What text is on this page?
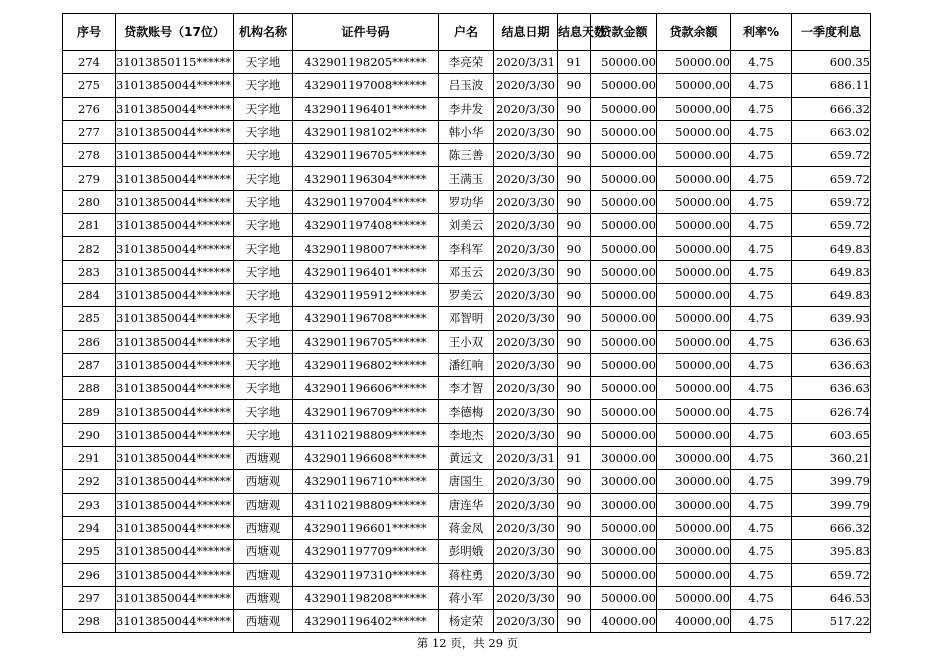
序号	贷款账号（17位）	机构名称	证件号码	户名	结息日期	结息天数	贷款金额	贷款余额	利率%	一季度利息
274	31013850115******	天字地	432901198205******	李亮荣	2020/3/31	91	50000.00	50000.00	4.75	600.35
275	31013850044******	天字地	432901197008******	吕玉波	2020/3/30	90	50000.00	50000.00	4.75	686.11
276	31013850044******	天字地	432901196401******	李井发	2020/3/30	90	50000.00	50000.00	4.75	666.32
277	31013850044******	天字地	432901198102******	韩小华	2020/3/30	90	50000.00	50000.00	4.75	663.02
278	31013850044******	天字地	432901196705******	陈三善	2020/3/30	90	50000.00	50000.00	4.75	659.72
279	31013850044******	天字地	432901196304******	王满玉	2020/3/30	90	50000.00	50000.00	4.75	659.72
280	31013850044******	天字地	432901197004******	罗功华	2020/3/30	90	50000.00	50000.00	4.75	659.72
281	31013850044******	天字地	432901197408******	刘美云	2020/3/30	90	50000.00	50000.00	4.75	659.72
282	31013850044******	天字地	432901198007******	李科军	2020/3/30	90	50000.00	50000.00	4.75	649.83
283	31013850044******	天字地	432901196401******	邓玉云	2020/3/30	90	50000.00	50000.00	4.75	649.83
284	31013850044******	天字地	432901195912******	罗美云	2020/3/30	90	50000.00	50000.00	4.75	649.83
285	31013850044******	天字地	432901196708******	邓智明	2020/3/30	90	50000.00	50000.00	4.75	639.93
286	31013850044******	天字地	432901196705******	王小双	2020/3/30	90	50000.00	50000.00	4.75	636.63
287	31013850044******	天字地	432901196802******	潘红响	2020/3/30	90	50000.00	50000.00	4.75	636.63
288	31013850044******	天字地	432901196606******	李才智	2020/3/30	90	50000.00	50000.00	4.75	636.63
289	31013850044******	天字地	432901196709******	李德梅	2020/3/30	90	50000.00	50000.00	4.75	626.74
290	31013850044******	天字地	431102198809******	李地杰	2020/3/30	90	50000.00	50000.00	4.75	603.65
291	31013850044******	西塘观	432901196608******	黄远文	2020/3/31	91	30000.00	30000.00	4.75	360.21
292	31013850044******	西塘观	432901196710******	唐国生	2020/3/30	90	30000.00	30000.00	4.75	399.79
293	31013850044******	西塘观	431102198809******	唐连华	2020/3/30	90	30000.00	30000.00	4.75	399.79
294	31013850044******	西塘观	432901196601******	蒋金凤	2020/3/30	90	50000.00	50000.00	4.75	666.32
295	31013850044******	西塘观	432901197709******	彭明娥	2020/3/30	90	30000.00	30000.00	4.75	395.83
296	31013850044******	西塘观	432901197310******	蒋柱勇	2020/3/30	90	50000.00	50000.00	4.75	659.72
297	31013850044******	西塘观	432901198208******	蒋小军	2020/3/30	90	50000.00	50000.00	4.75	646.53
298	31013850044******	西塘观	432901196402******	杨定荣	2020/3/30	90	40000.00	40000.00	4.75	517.22
第 12 页，共 29 页
